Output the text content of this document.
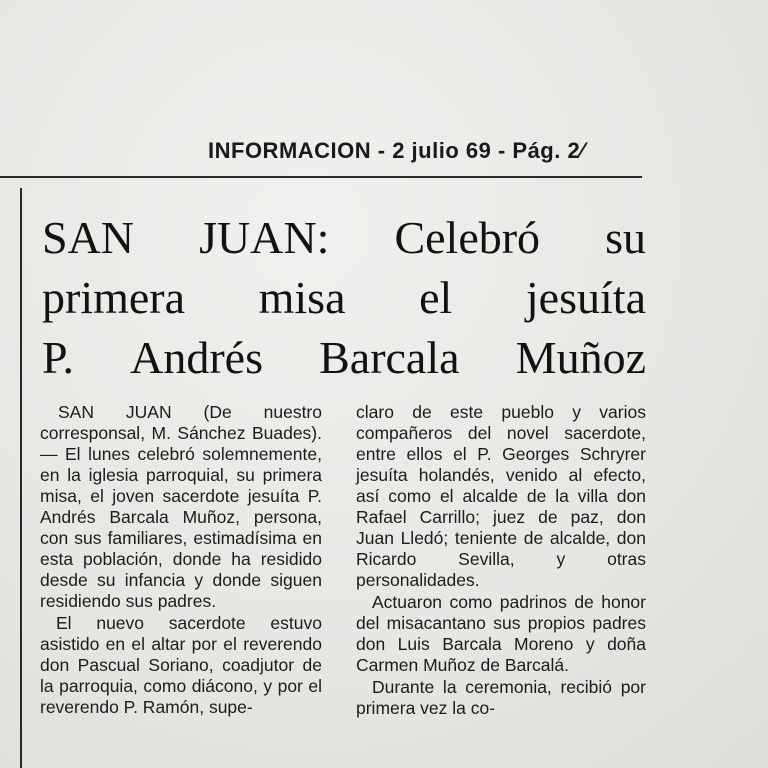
INFORMACION - 2 julio 69 - Pág. 2⁄
SAN JUAN: Celebró su
primera misa el jesuíta
P. Andrés Barcala Muñoz

SAN JUAN (De nuestro corresponsal, M. Sánchez Buades). — El lunes celebró solemnemente, en la iglesia parroquial, su primera misa, el joven sacerdote jesuíta P. Andrés Barcala Muñoz, persona, con sus familiares, estimadísima en esta población, donde ha residido desde su infancia y donde siguen residiendo sus padres.

El nuevo sacerdote estuvo asistido en el altar por el reverendo don Pascual Soriano, coadjutor de la parroquia, como diácono, y por el reverendo P. Ramón, supe-

claro de este pueblo y varios compañeros del novel sacerdote, entre ellos el P. Georges Schryrer jesuíta holandés, venido al efecto, así como el alcalde de la villa don Rafael Carrillo; juez de paz, don Juan Lledó; teniente de alcalde, don Ricardo Sevilla, y otras personalidades.

Actuaron como padrinos de honor del misacantano sus propios padres don Luis Barcala Moreno y doña Carmen Muñoz de Barcalá.

Durante la ceremonia, recibió por primera vez la co-
